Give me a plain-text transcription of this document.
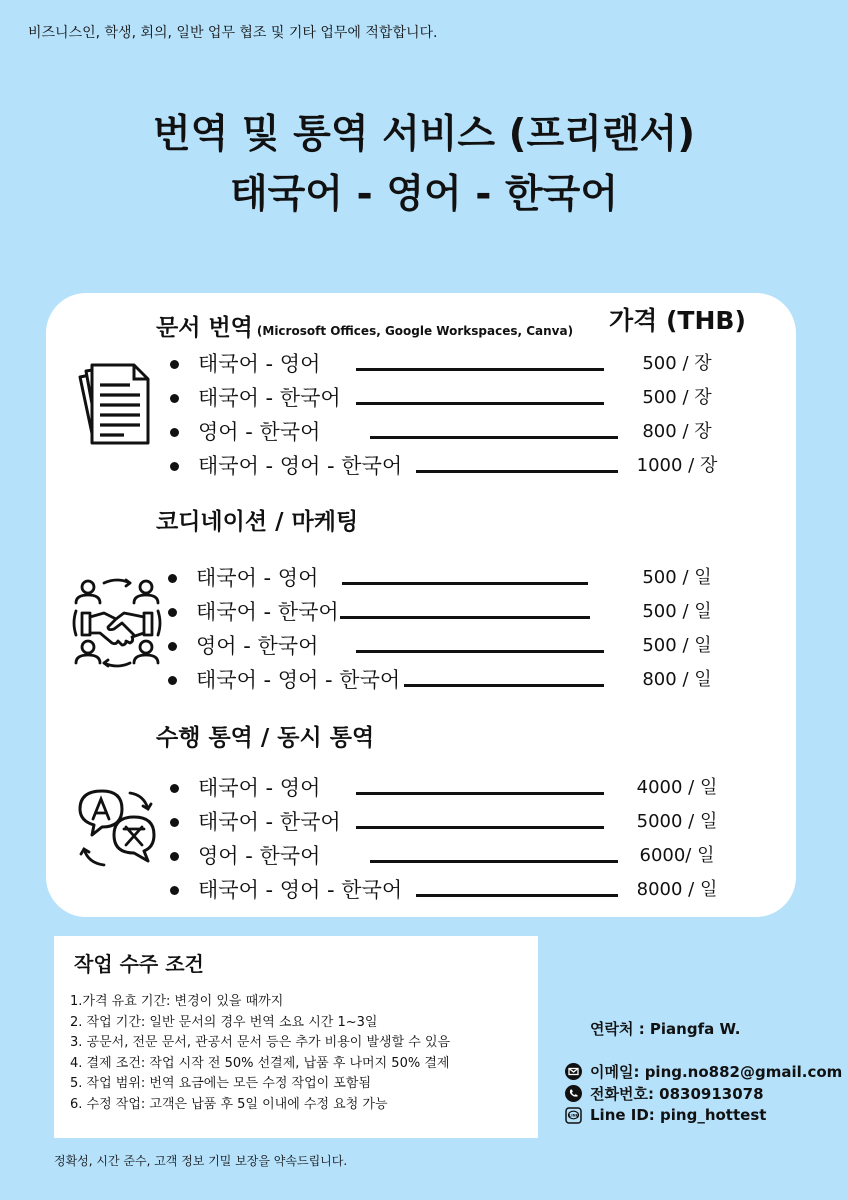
비즈니스인, 학생, 회의, 일반 업무 협조 및 기타 업무에 적합합니다.
번역 및 통역 서비스 (프리랜서)
태국어 - 영어 - 한국어
가격 (THB)
문서 번역 (Microsoft Offices, Google Workspaces, Canva)
태국어 - 영어	500 / 장
태국어 - 한국어	500 / 장
영어 - 한국어	800 / 장
태국어 - 영어 - 한국어	1000 / 장
코디네이션 / 마케팅
태국어 - 영어	500 / 일
태국어 - 한국어	500 / 일
영어 - 한국어	500 / 일
태국어 - 영어 - 한국어	800 / 일
수행 통역 / 동시 통역
태국어 - 영어	4000 / 일
태국어 - 한국어	5000 / 일
영어 - 한국어	6000/ 일
태국어 - 영어 - 한국어	8000 / 일
작업 수주 조건
1.가격 유효 기간: 변경이 있을 때까지
2. 작업 기간: 일반 문서의 경우 번역 소요 시간 1~3일
3. 공문서, 전문 문서, 관공서 문서 등은 추가 비용이 발생할 수 있음
4. 결제 조건: 작업 시작 전 50% 선결제, 납품 후 나머지 50% 결제
5. 작업 범위: 번역 요금에는 모든 수정 작업이 포함됨
6. 수정 작업: 고객은 납품 후 5일 이내에 수정 요청 가능
연락처 : Piangfa W.
이메일: ping.no882@gmail.com
전화번호: 0830913078
LINE Line ID: ping_hottest
정확성, 시간 준수, 고객 정보 기밀 보장을 약속드립니다.
